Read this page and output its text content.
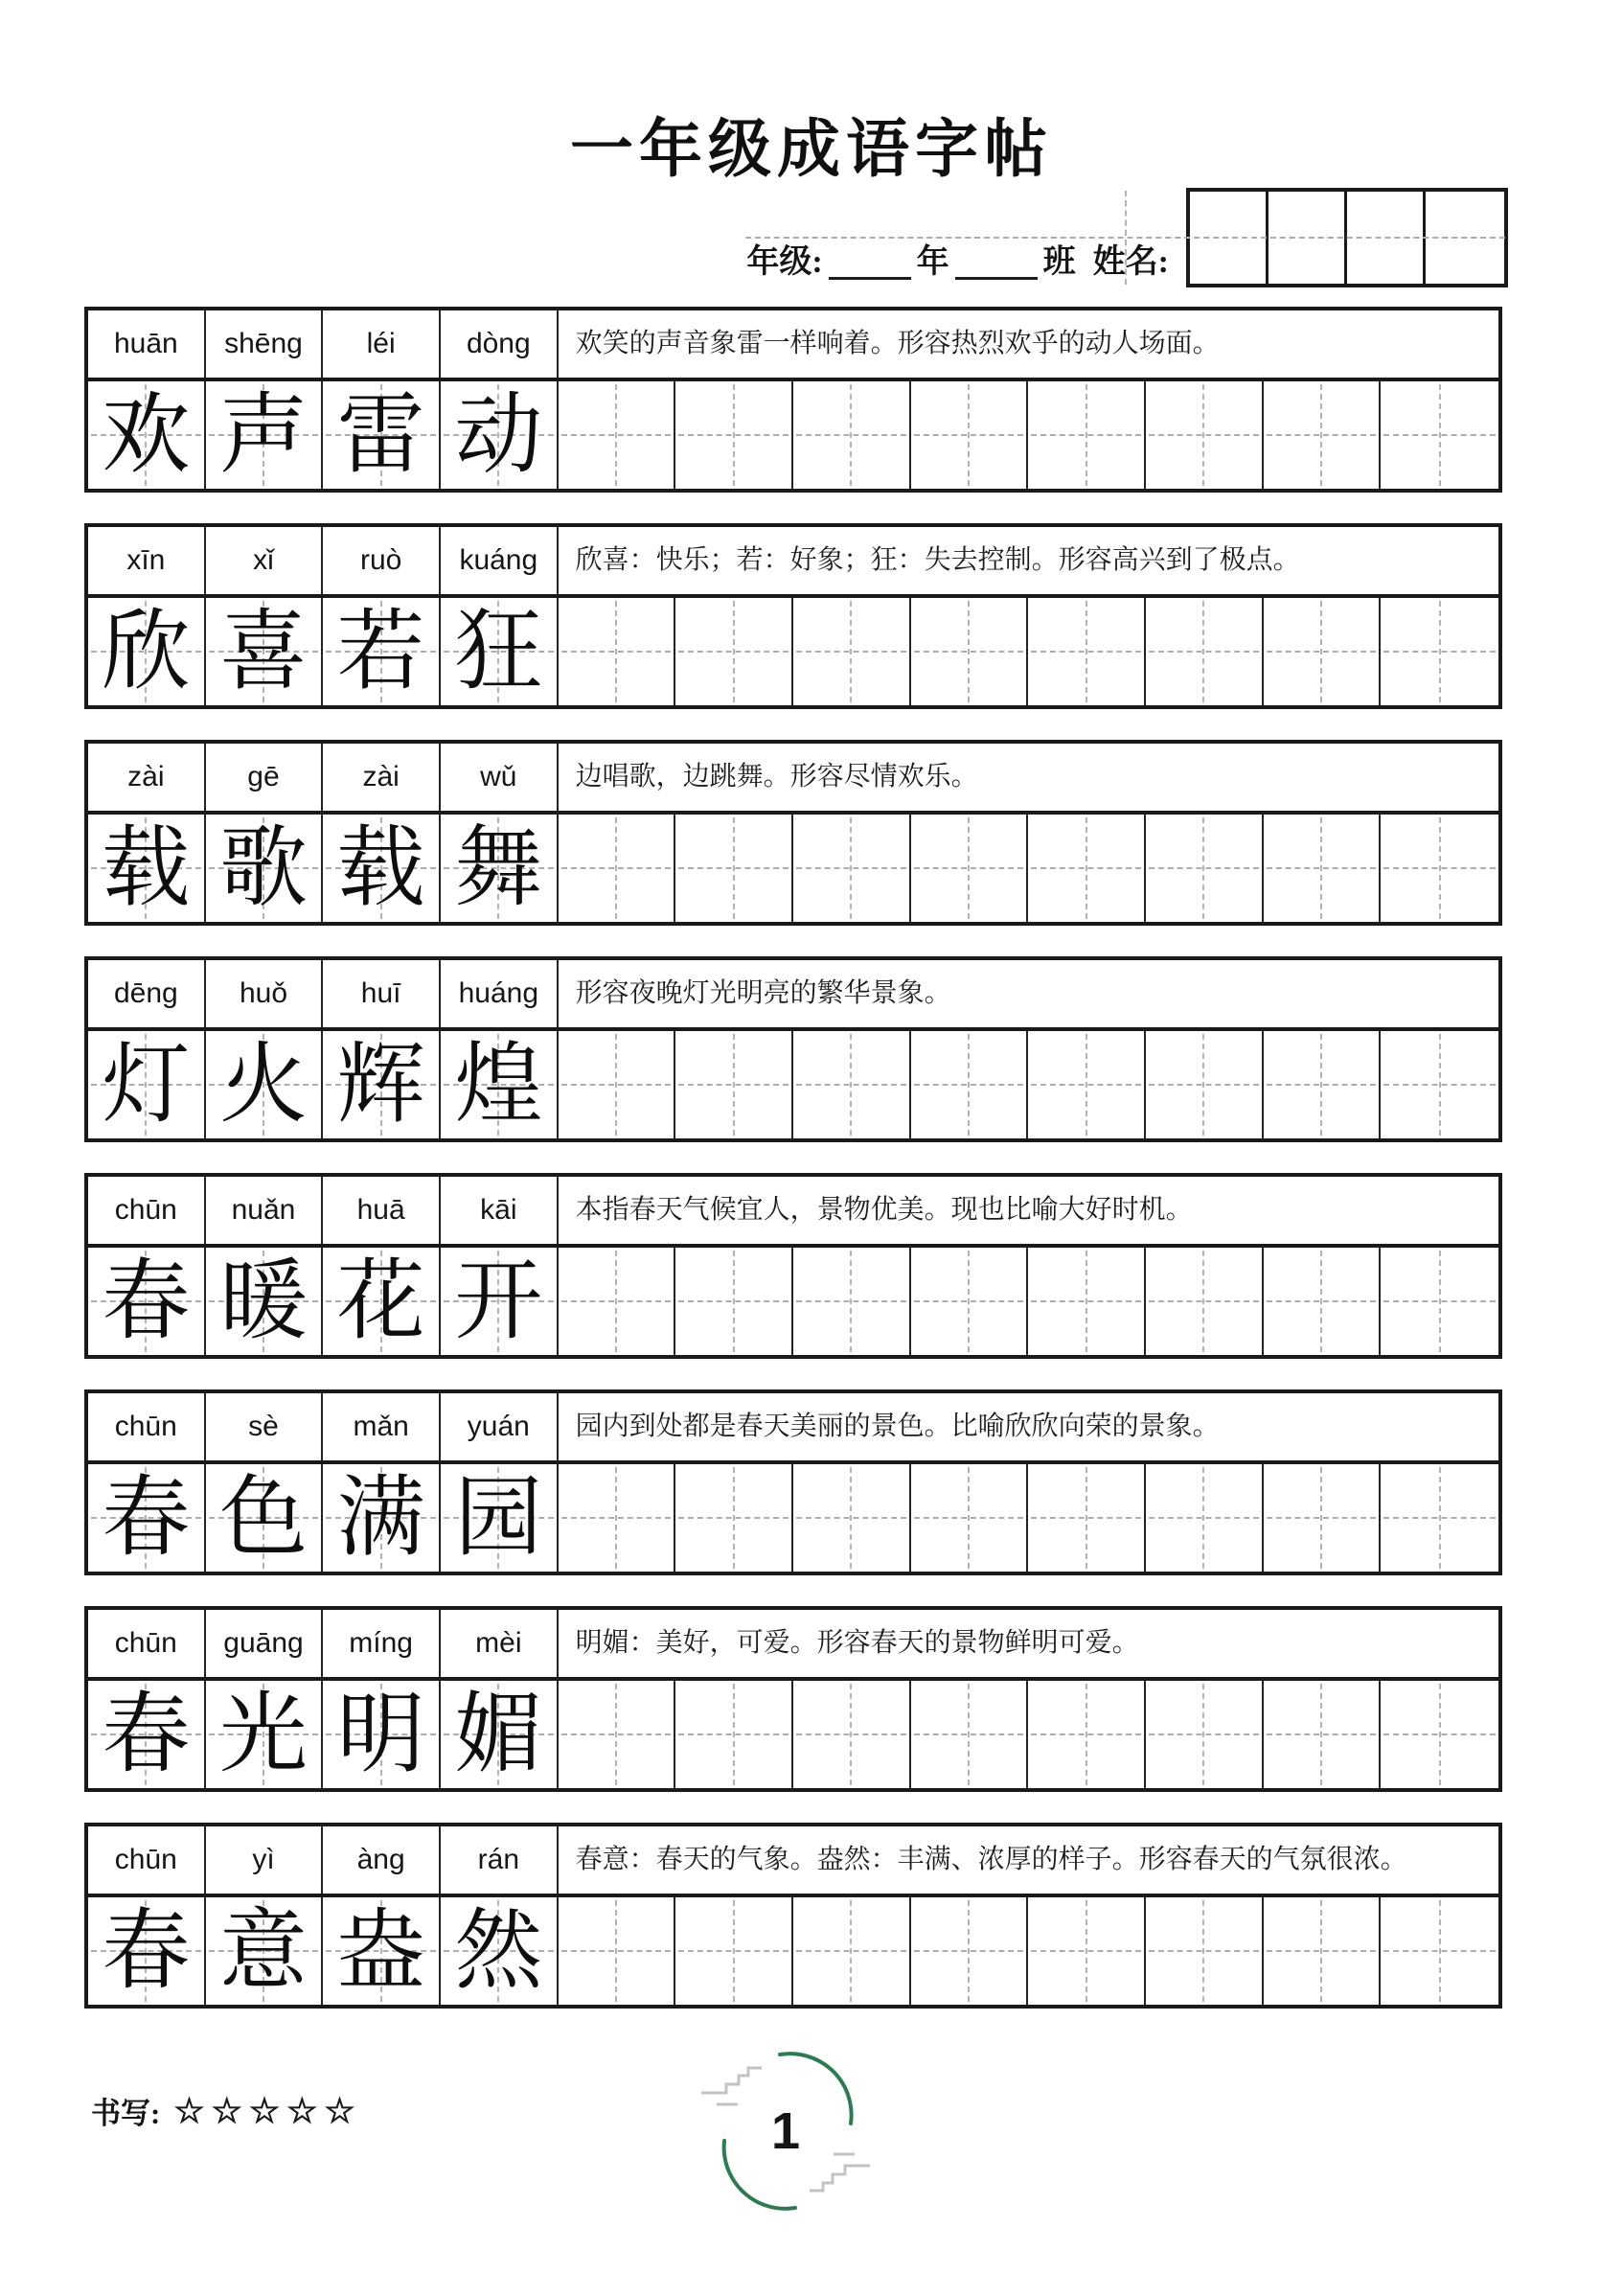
一年级成语字帖
年级:	年	班 姓名:
huān	shēng	léi	dòng	欢笑的声音象雷一样响着。形容热烈欢乎的动人场面。
欢 声 雷 动
xīn	xǐ	ruò	kuáng	欣喜：快乐；若：好象；狂：失去控制。形容高兴到了极点。
欣 喜 若 狂
zài	gē	zài	wǔ	边唱歌，边跳舞。形容尽情欢乐。
载 歌 载 舞
dēng	huǒ	huī	huáng	形容夜晚灯光明亮的繁华景象。
灯 火 辉 煌
chūn	nuǎn	huā	kāi	本指春天气候宜人，景物优美。现也比喻大好时机。
春 暖 花 开
chūn	sè	mǎn	yuán	园内到处都是春天美丽的景色。比喻欣欣向荣的景象。
春 色 满 园
chūn	guāng	míng	mèi	明媚：美好，可爱。形容春天的景物鲜明可爱。
春 光 明 媚
chūn	yì	àng	rán	春意：春天的气象。盎然：丰满、浓厚的样子。形容春天的气氛很浓。
春 意 盎 然
书写: ☆☆☆☆☆	1
